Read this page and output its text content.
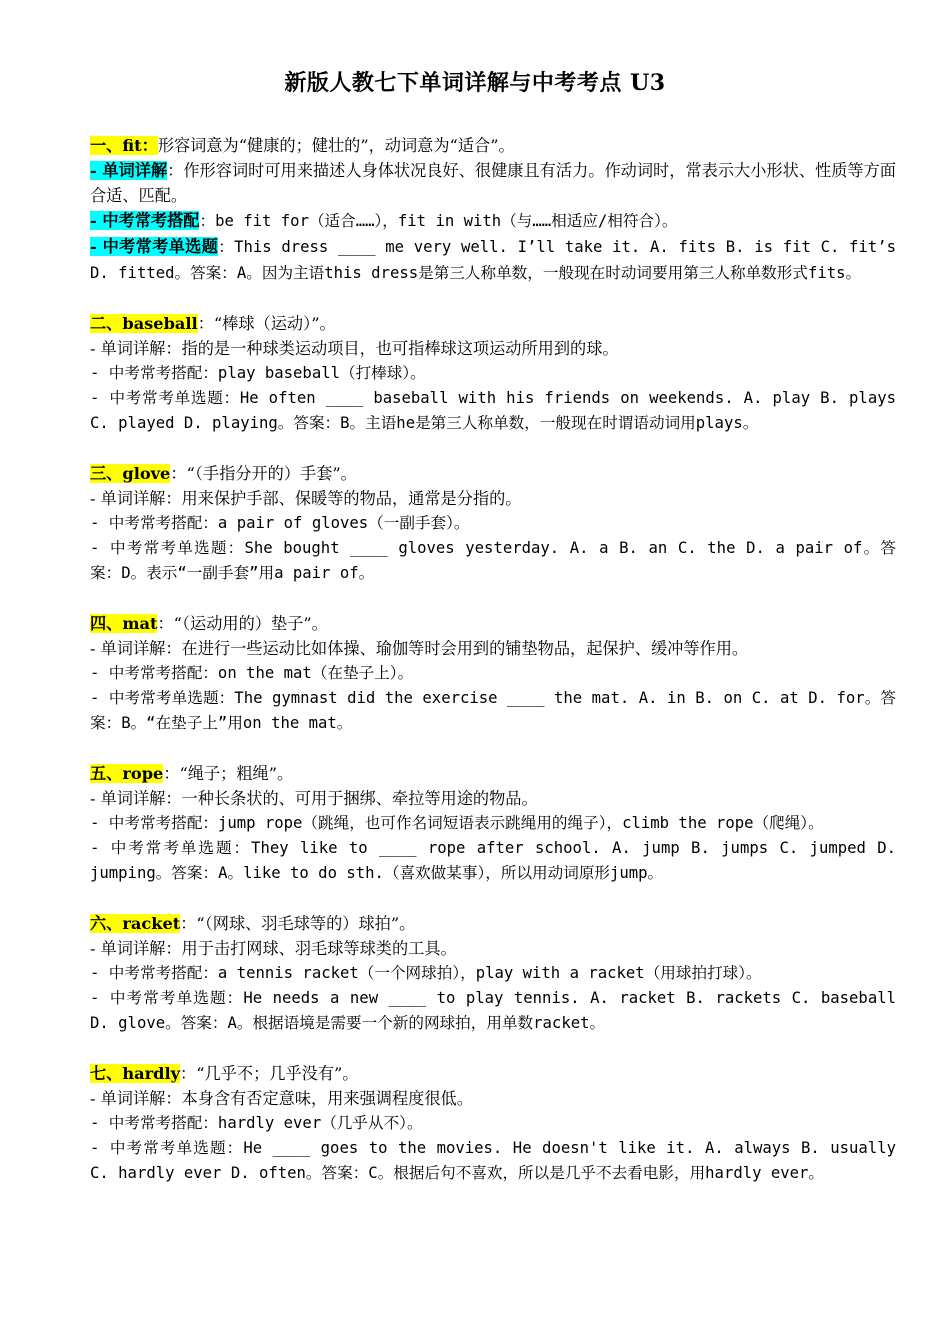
新版人教七下单词详解与中考考点 U3

一、fit：形容词意为“健康的；健壮的”，动词意为“适合”。

- 单词详解：作形容词时可用来描述人身体状况良好、很健康且有活力。作动词时，常表示大小形状、性质等方面合适、匹配。

- 中考常考搭配：be fit for（适合……），fit in with（与……相适应/相符合）。

- 中考常考单选题：This dress ____ me very well. I’ll take it. A. fits B. is fit C. fit’s D. fitted。答案：A。因为主语this dress是第三人称单数，一般现在时动词要用第三人称单数形式fits。

二、baseball：“棒球（运动）”。

- 单词详解：指的是一种球类运动项目，也可指棒球这项运动所用到的球。

- 中考常考搭配：play baseball（打棒球）。

- 中考常考单选题：He often ____ baseball with his friends on weekends. A. play B. plays C. played D. playing。答案：B。主语he是第三人称单数，一般现在时谓语动词用plays。

三、glove：“（手指分开的）手套”。

- 单词详解：用来保护手部、保暖等的物品，通常是分指的。

- 中考常考搭配：a pair of gloves（一副手套）。

- 中考常考单选题：She bought ____ gloves yesterday. A. a B. an C. the D. a pair of。答案：D。表示“一副手套”用a pair of。

四、mat：“（运动用的）垫子”。

- 单词详解：在进行一些运动比如体操、瑜伽等时会用到的铺垫物品，起保护、缓冲等作用。

- 中考常考搭配：on the mat（在垫子上）。

- 中考常考单选题：The gymnast did the exercise ____ the mat. A. in B. on C. at D. for。答案：B。“在垫子上”用on the mat。

五、rope：“绳子；粗绳”。

- 单词详解：一种长条状的、可用于捆绑、牵拉等用途的物品。

- 中考常考搭配：jump rope（跳绳，也可作名词短语表示跳绳用的绳子），climb the rope（爬绳）。

- 中考常考单选题：They like to ____ rope after school. A. jump B. jumps C. jumped D. jumping。答案：A。like to do sth.（喜欢做某事），所以用动词原形jump。

六、racket：“（网球、羽毛球等的）球拍”。

- 单词详解：用于击打网球、羽毛球等球类的工具。

- 中考常考搭配：a tennis racket（一个网球拍），play with a racket（用球拍打球）。

- 中考常考单选题：He needs a new ____ to play tennis. A. racket B. rackets C. baseball D. glove。答案：A。根据语境是需要一个新的网球拍，用单数racket。

七、hardly：“几乎不；几乎没有”。

- 单词详解：本身含有否定意味，用来强调程度很低。

- 中考常考搭配：hardly ever（几乎从不）。

- 中考常考单选题：He ____ goes to the movies. He doesn't like it. A. always B. usually C. hardly ever D. often。答案：C。根据后句不喜欢，所以是几乎不去看电影，用hardly ever。
